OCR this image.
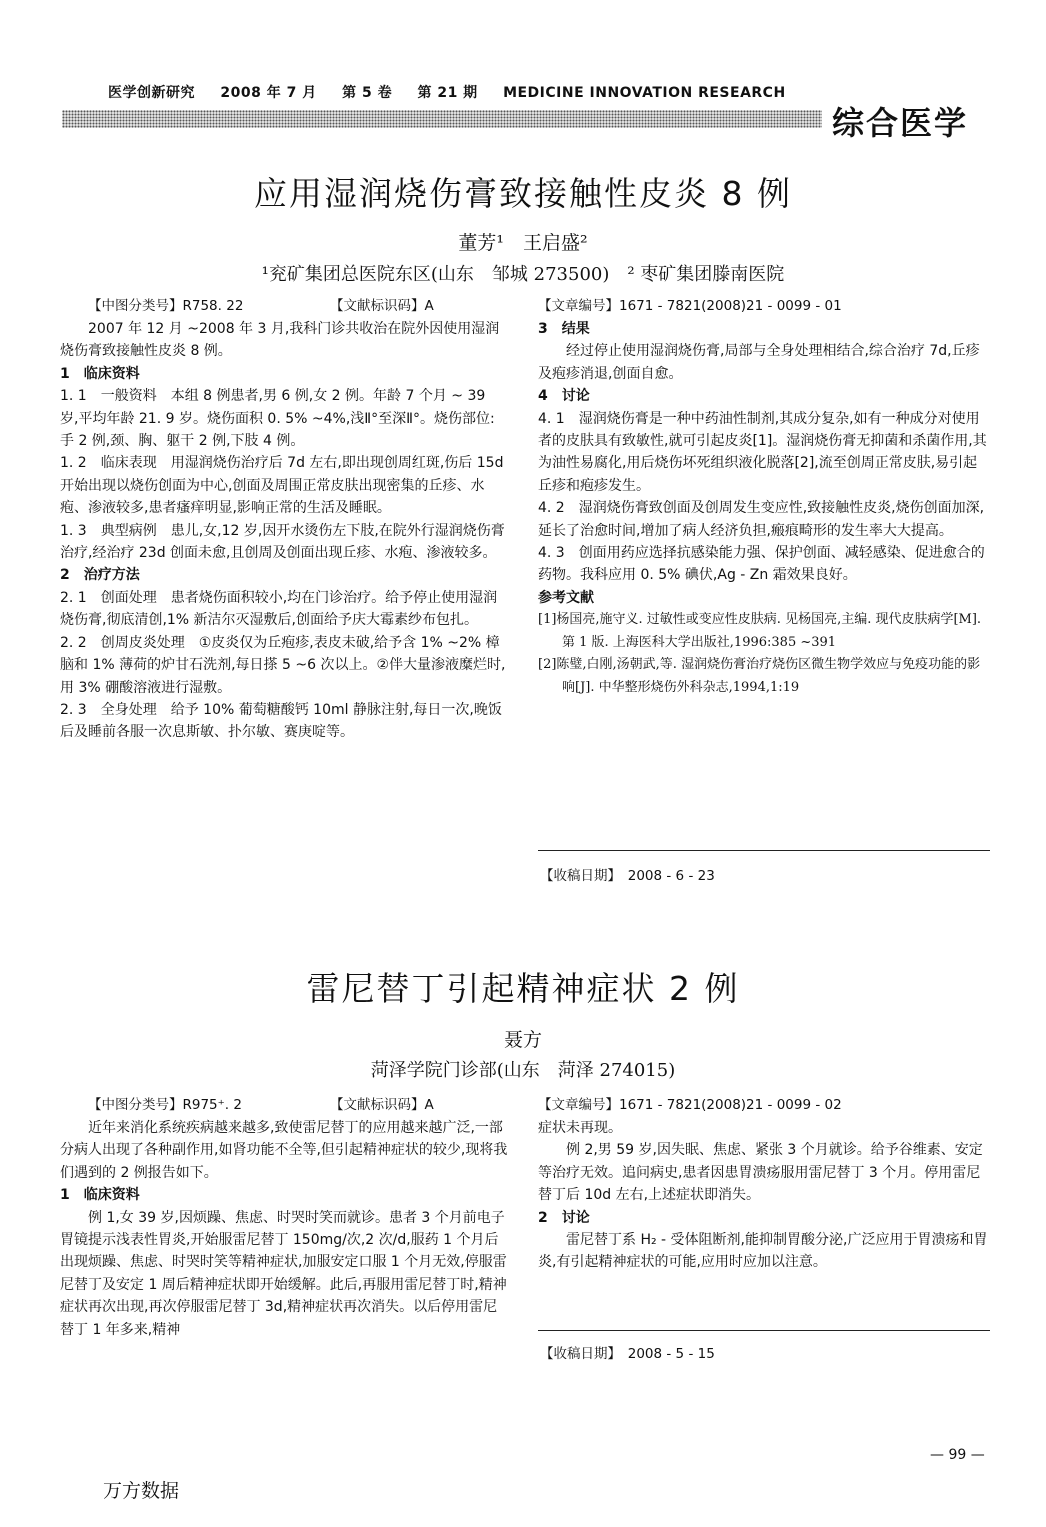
医学创新研究 2008 年 7 月 第 5 卷 第 21 期 MEDICINE INNOVATION RESEARCH
综合医学
应用湿润烧伤膏致接触性皮炎 8 例
董芳¹　王启盛²
¹兖矿集团总医院东区(山东　邹城 273500)　² 枣矿集团滕南医院
【中图分类号】R758. 22	【文献标识码】A	【文章编号】1671 - 7821(2008)21 - 0099 - 01

2007 年 12 月 ~2008 年 3 月,我科门诊共收治在院外因使用湿润烧伤膏致接触性皮炎 8 例。

1　临床资料

1. 1　一般资料　本组 8 例患者,男 6 例,女 2 例。年龄 7 个月 ~ 39 岁,平均年龄 21. 9 岁。烧伤面积 0. 5% ~4%,浅Ⅱ°至深Ⅱ°。烧伤部位:手 2 例,颈、胸、躯干 2 例,下肢 4 例。

1. 2　临床表现　用湿润烧伤治疗后 7d 左右,即出现创周红斑,伤后 15d 开始出现以烧伤创面为中心,创面及周围正常皮肤出现密集的丘疹、水疱、渗液较多,患者瘙痒明显,影响正常的生活及睡眠。

1. 3　典型病例　患儿,女,12 岁,因开水烫伤左下肢,在院外行湿润烧伤膏治疗,经治疗 23d 创面未愈,且创周及创面出现丘疹、水疱、渗液较多。

2　治疗方法

2. 1　创面处理　患者烧伤面积较小,均在门诊治疗。给予停止使用湿润烧伤膏,彻底清创,1% 新洁尔灭湿敷后,创面给予庆大霉素纱布包扎。

2. 2　创周皮炎处理　①皮炎仅为丘疱疹,表皮未破,给予含 1% ~2% 樟脑和 1% 薄荷的炉甘石洗剂,每日搽 5 ~6 次以上。②伴大量渗液糜烂时,用 3% 硼酸溶液进行湿敷。

2. 3　全身处理　给予 10% 葡萄糖酸钙 10ml 静脉注射,每日一次,晚饭后及睡前各服一次息斯敏、扑尔敏、赛庚啶等。

3　结果

经过停止使用湿润烧伤膏,局部与全身处理相结合,综合治疗 7d,丘疹及疱疹消退,创面自愈。

4　讨论

4. 1　湿润烧伤膏是一种中药油性制剂,其成分复杂,如有一种成分对使用者的皮肤具有致敏性,就可引起皮炎[1]。湿润烧伤膏无抑菌和杀菌作用,其为油性易腐化,用后烧伤坏死组织液化脱落[2],流至创周正常皮肤,易引起丘疹和疱疹发生。

4. 2　湿润烧伤膏致创面及创周发生变应性,致接触性皮炎,烧伤创面加深,延长了治愈时间,增加了病人经济负担,瘢痕畸形的发生率大大提高。

4. 3　创面用药应选择抗感染能力强、保护创面、减轻感染、促进愈合的药物。我科应用 0. 5% 碘伏,Ag - Zn 霜效果良好。

参考文献

[1]杨国亮,施守义. 过敏性或变应性皮肤病. 见杨国亮,主编. 现代皮肤病学[M]. 第 1 版. 上海医科大学出版社,1996:385 ~391

[2]陈璧,白刚,汤朝武,等. 湿润烧伤膏治疗烧伤区微生物学效应与免疫功能的影响[J]. 中华整形烧伤外科杂志,1994,1:19

【收稿日期】　2008 - 6 - 23
雷尼替丁引起精神症状 2 例
聂方
菏泽学院门诊部(山东　菏泽 274015)
【中图分类号】R975⁺. 2	【文献标识码】A	【文章编号】1671 - 7821(2008)21 - 0099 - 02

近年来消化系统疾病越来越多,致使雷尼替丁的应用越来越广泛,一部分病人出现了各种副作用,如肾功能不全等,但引起精神症状的较少,现将我们遇到的 2 例报告如下。

1　临床资料

例 1,女 39 岁,因烦躁、焦虑、时哭时笑而就诊。患者 3 个月前电子胃镜提示浅表性胃炎,开始服雷尼替丁 150mg/次,2 次/d,服药 1 个月后出现烦躁、焦虑、时哭时笑等精神症状,加服安定口服 1 个月无效,停服雷尼替丁及安定 1 周后精神症状即开始缓解。此后,再服用雷尼替丁时,精神症状再次出现,再次停服雷尼替丁 3d,精神症状再次消失。以后停用雷尼替丁 1 年多来,精神

症状未再现。

例 2,男 59 岁,因失眠、焦虑、紧张 3 个月就诊。给予谷维素、安定等治疗无效。追问病史,患者因患胃溃疡服用雷尼替丁 3 个月。停用雷尼替丁后 10d 左右,上述症状即消失。

2　讨论

雷尼替丁系 H₂ - 受体阻断剂,能抑制胃酸分泌,广泛应用于胃溃疡和胃炎,有引起精神症状的可能,应用时应加以注意。

【收稿日期】　2008 - 5 - 15
— 99 —
万方数据
